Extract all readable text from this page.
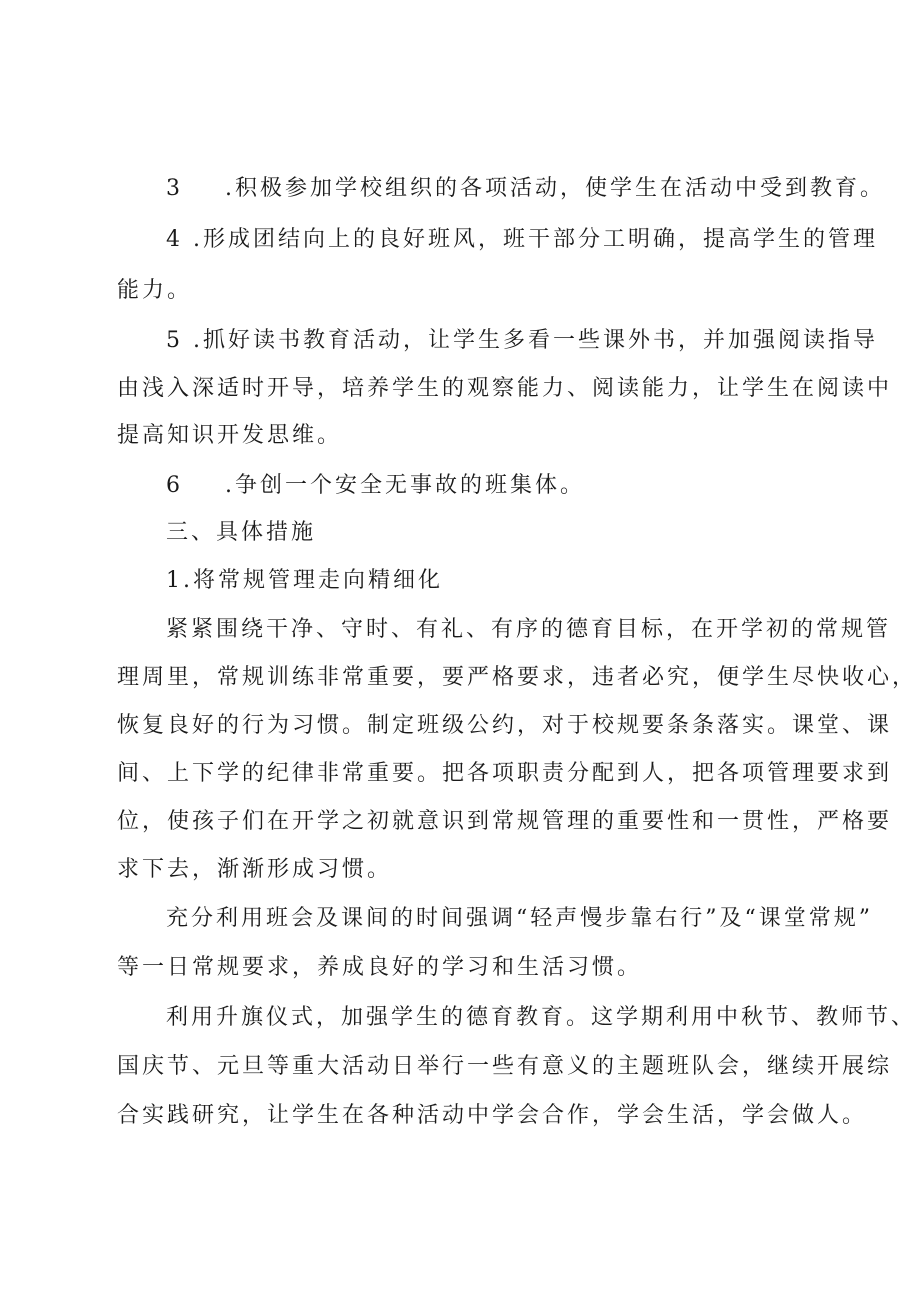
3 .积极参加学校组织的各项活动，使学生在活动中受到教育。
4 .形成团结向上的良好班风，班干部分工明确，提高学生的管理
能力。
5 .抓好读书教育活动，让学生多看一些课外书，并加强阅读指导
由浅入深适时开导，培养学生的观察能力、阅读能力，让学生在阅读中
提高知识开发思维。
6 .争创一个安全无事故的班集体。
三、具体措施
1.将常规管理走向精细化
紧紧围绕干净、守时、有礼、有序的德育目标，在开学初的常规管
理周里，常规训练非常重要，要严格要求，违者必究，便学生尽快收心，
恢复良好的行为习惯。制定班级公约，对于校规要条条落实。课堂、课
间、上下学的纪律非常重要。把各项职责分配到人，把各项管理要求到
位，使孩子们在开学之初就意识到常规管理的重要性和一贯性，严格要
求下去，渐渐形成习惯。
充分利用班会及课间的时间强调“轻声慢步靠右行”及“课堂常规”
等一日常规要求，养成良好的学习和生活习惯。
利用升旗仪式，加强学生的德育教育。这学期利用中秋节、教师节、
国庆节、元旦等重大活动日举行一些有意义的主题班队会，继续开展综
合实践研究，让学生在各种活动中学会合作，学会生活，学会做人。
